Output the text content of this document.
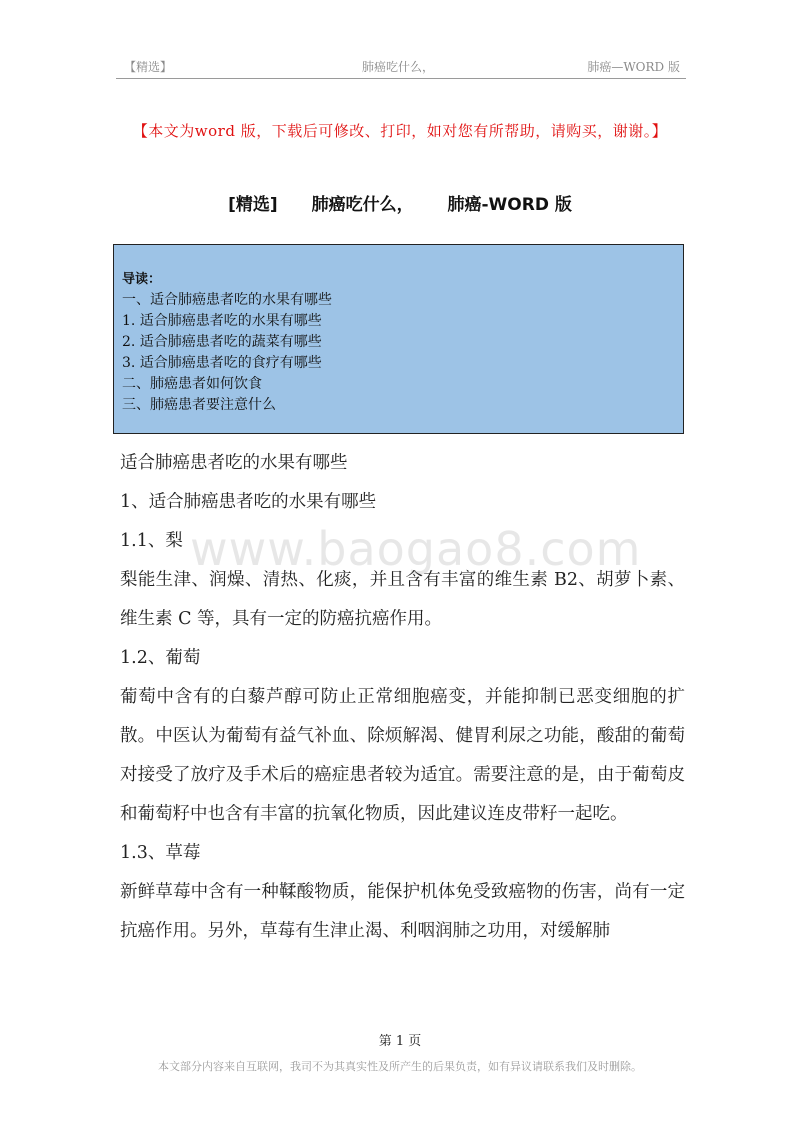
【精选】	肺癌吃什么，	肺癌—WORD 版
【本文为word 版，下载后可修改、打印，如对您有所帮助，请购买，谢谢。】
[精选] 肺癌吃什么， 肺癌-WORD 版
导读：
一、适合肺癌患者吃的水果有哪些
1. 适合肺癌患者吃的水果有哪些
2. 适合肺癌患者吃的蔬菜有哪些
3. 适合肺癌患者吃的食疗有哪些
二、肺癌患者如何饮食
三、肺癌患者要注意什么

适合肺癌患者吃的水果有哪些

1、适合肺癌患者吃的水果有哪些

1.1、梨

梨能生津、润燥、清热、化痰，并且含有丰富的维生素 B2、胡萝卜素、维生素 C 等，具有一定的防癌抗癌作用。

1.2、葡萄

葡萄中含有的白藜芦醇可防止正常细胞癌变，并能抑制已恶变细胞的扩散。中医认为葡萄有益气补血、除烦解渴、健胃利尿之功能，酸甜的葡萄对接受了放疗及手术后的癌症患者较为适宜。需要注意的是，由于葡萄皮和葡萄籽中也含有丰富的抗氧化物质，因此建议连皮带籽一起吃。

1.3、草莓

新鲜草莓中含有一种鞣酸物质，能保护机体免受致癌物的伤害，尚有一定抗癌作用。另外，草莓有生津止渴、利咽润肺之功用，对缓解肺

www.baogao8.com
第 1 页
本文部分内容来自互联网，我司不为其真实性及所产生的后果负责，如有异议请联系我们及时删除。
